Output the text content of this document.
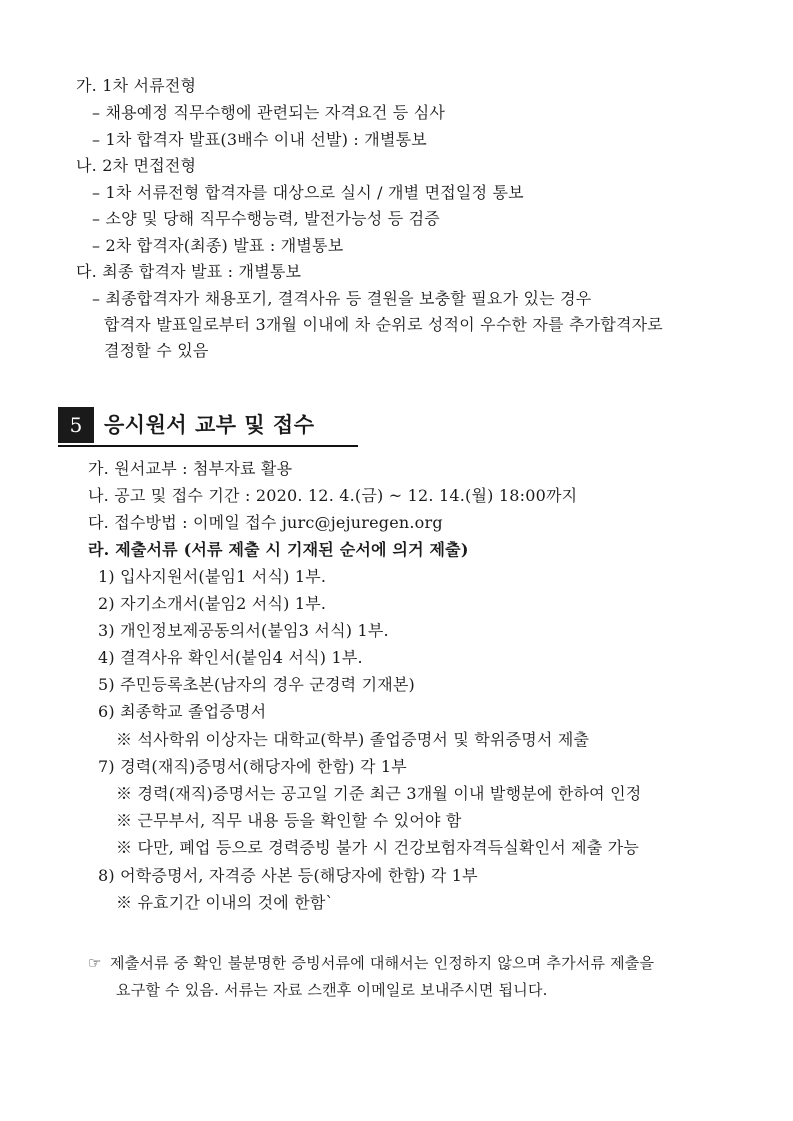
가. 1차 서류전형
– 채용예정 직무수행에 관련되는 자격요건 등 심사
– 1차 합격자 발표(3배수 이내 선발) : 개별통보
나. 2차 면접전형
– 1차 서류전형 합격자를 대상으로 실시 / 개별 면접일정 통보
– 소양 및 당해 직무수행능력, 발전가능성 등 검증
– 2차 합격자(최종) 발표 : 개별통보
다. 최종 합격자 발표 : 개별통보
– 최종합격자가 채용포기, 결격사유 등 결원을 보충할 필요가 있는 경우
합격자 발표일로부터 3개월 이내에 차 순위로 성적이 우수한 자를 추가합격자로
결정할 수 있음
5	응시원서 교부 및 접수
가. 원서교부 : 첨부자료 활용
나. 공고 및 접수 기간 : 2020. 12. 4.(금) ~ 12. 14.(월) 18:00까지
다. 접수방법 : 이메일 접수 jurc@jejuregen.org
라. 제출서류 (서류 제출 시 기재된 순서에 의거 제출)
1) 입사지원서(붙임1 서식) 1부.
2) 자기소개서(붙임2 서식) 1부.
3) 개인정보제공동의서(붙임3 서식) 1부.
4) 결격사유 확인서(붙임4 서식) 1부.
5) 주민등록초본(남자의 경우 군경력 기재본)
6) 최종학교 졸업증명서
※ 석사학위 이상자는 대학교(학부) 졸업증명서 및 학위증명서 제출
7) 경력(재직)증명서(해당자에 한함) 각 1부
※ 경력(재직)증명서는 공고일 기준 최근 3개월 이내 발행분에 한하여 인정
※ 근무부서, 직무 내용 등을 확인할 수 있어야 함
※ 다만, 폐업 등으로 경력증빙 불가 시 건강보험자격득실확인서 제출 가능
8) 어학증명서, 자격증 사본 등(해당자에 한함) 각 1부
※ 유효기간 이내의 것에 한함`
☞ 제출서류 중 확인 불분명한 증빙서류에 대해서는 인정하지 않으며 추가서류 제출을
요구할 수 있음. 서류는 자료 스캔후 이메일로 보내주시면 됩니다.
